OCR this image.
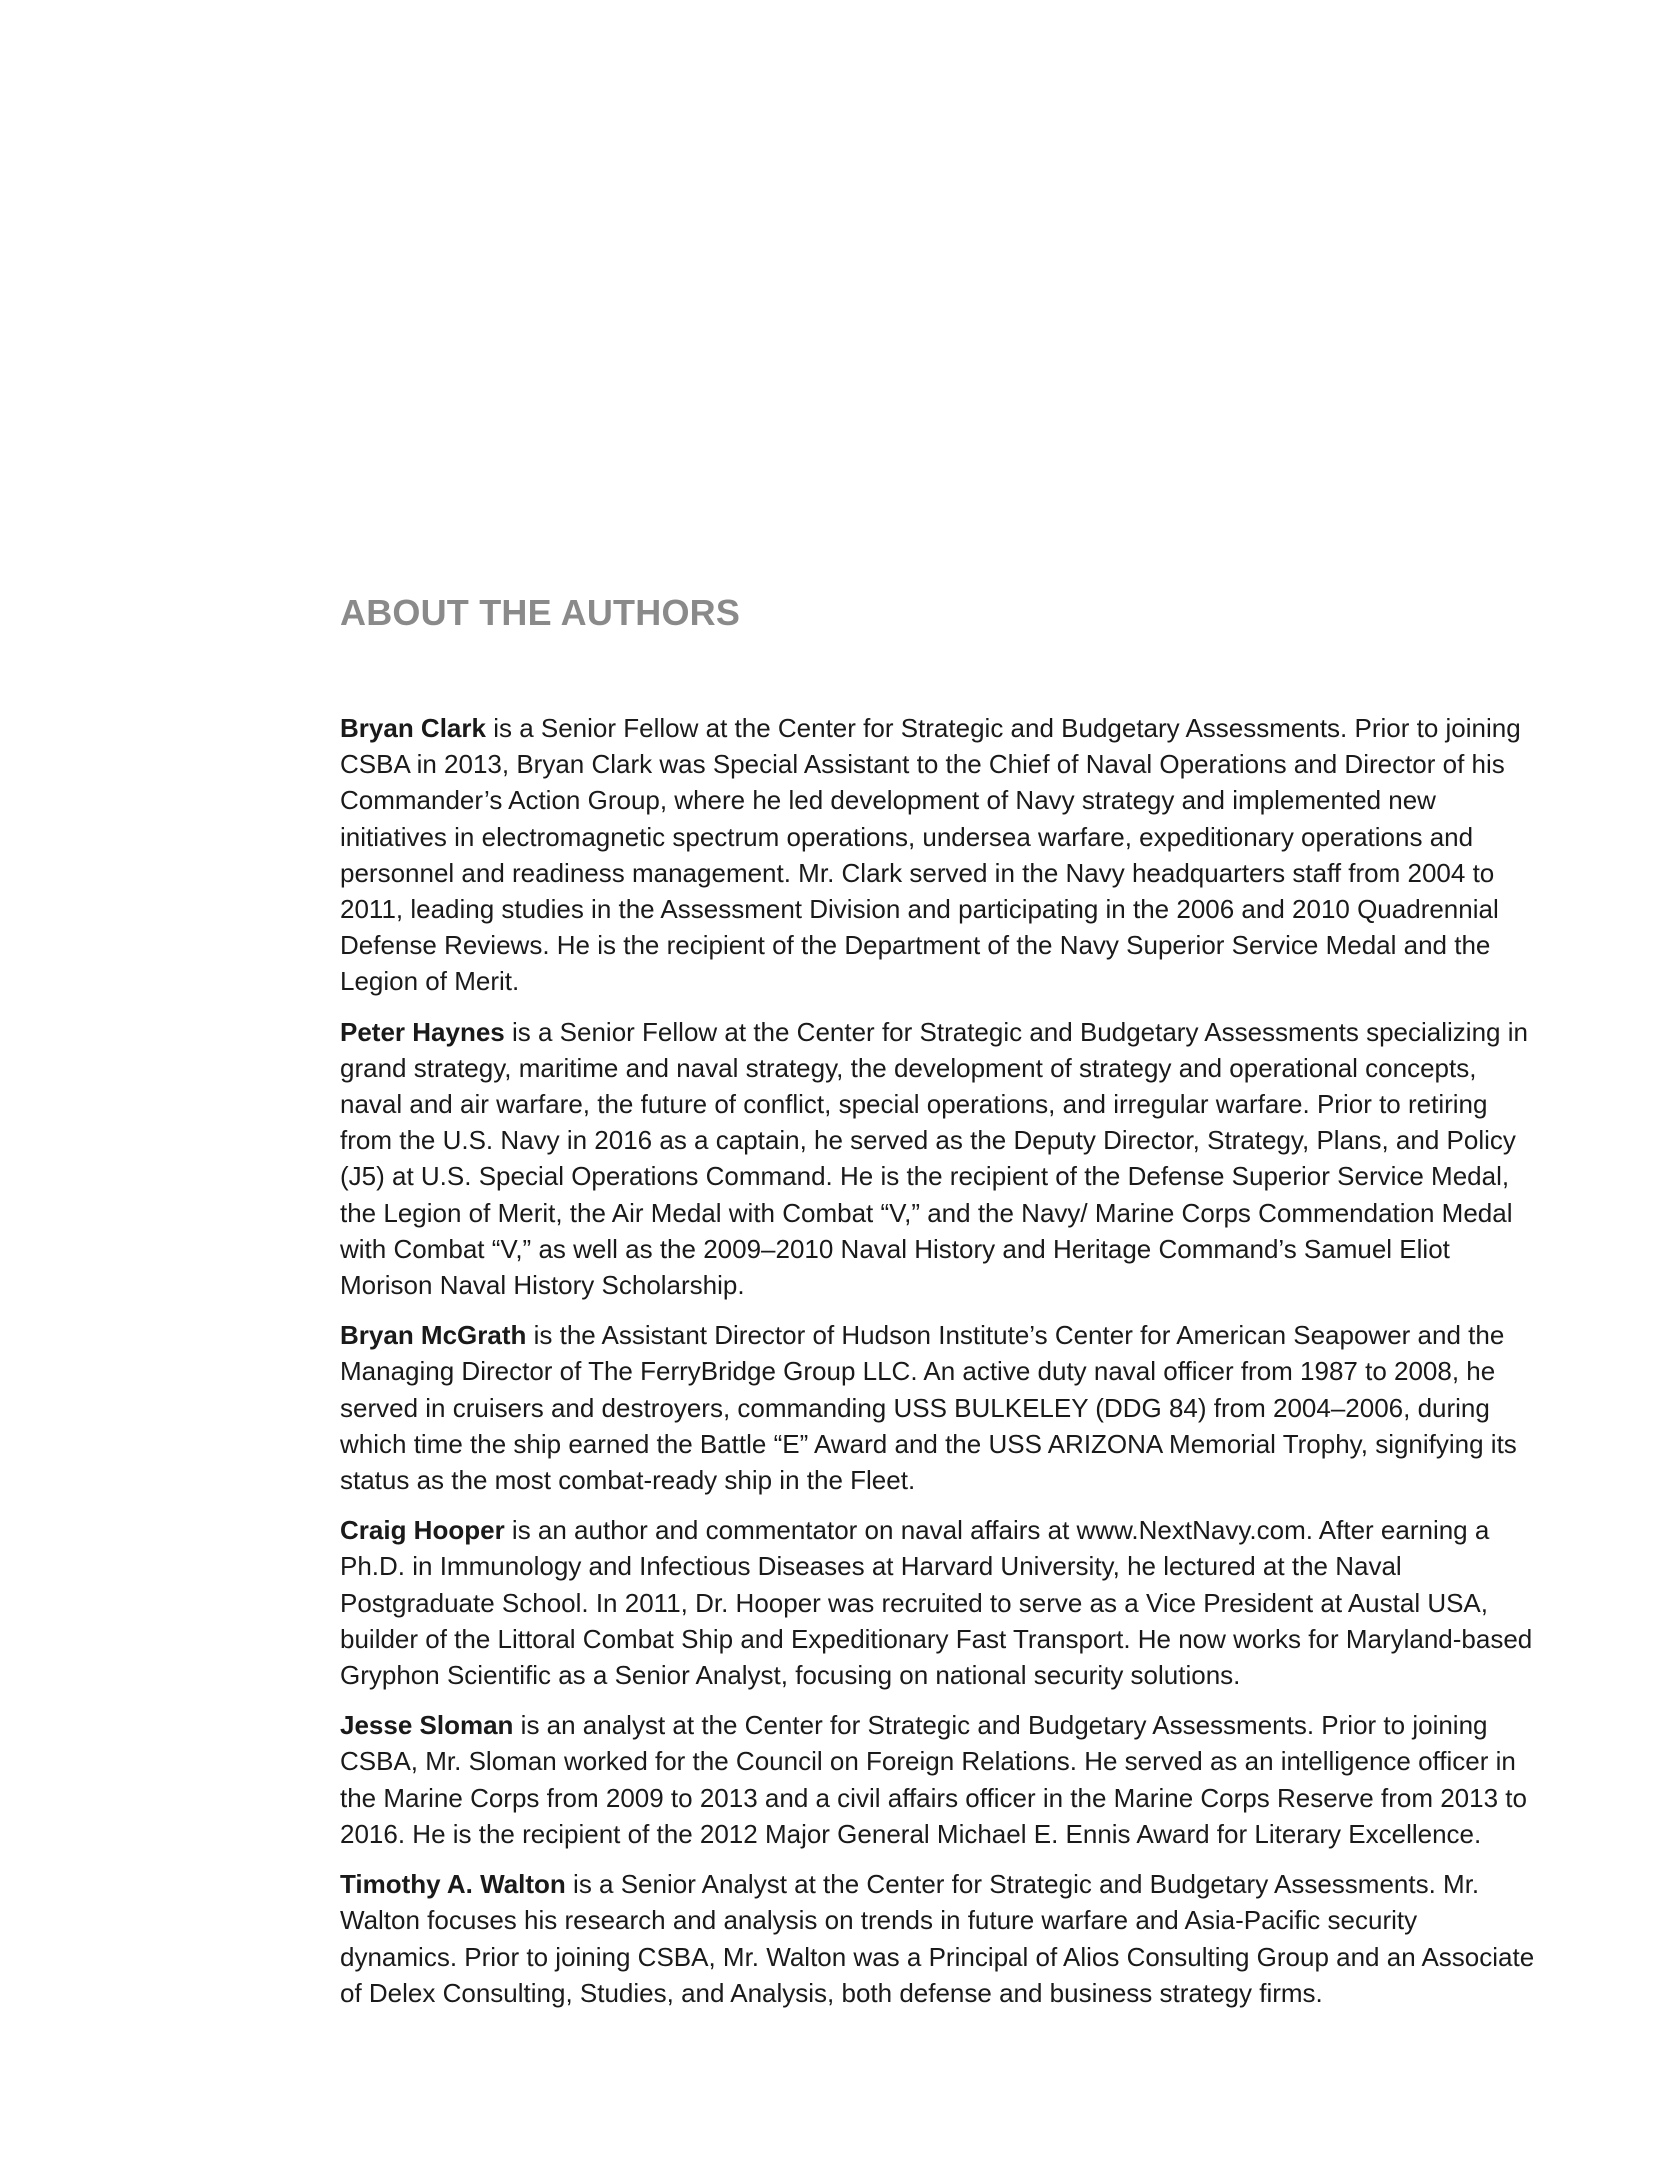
ABOUT THE AUTHORS

Bryan Clark is a Senior Fellow at the Center for Strategic and Budgetary Assessments. Prior to joining CSBA in 2013, Bryan Clark was Special Assistant to the Chief of Naval Operations and Director of his Commander’s Action Group, where he led development of Navy strategy and implemented new initiatives in electromagnetic spectrum operations, undersea warfare, expeditionary operations and personnel and readiness management. Mr. Clark served in the Navy headquarters staff from 2004 to 2011, leading studies in the Assessment Division and participating in the 2006 and 2010 Quadrennial Defense Reviews. He is the recipient of the Department of the Navy Superior Service Medal and the Legion of Merit.

Peter Haynes is a Senior Fellow at the Center for Strategic and Budgetary Assessments specializing in grand strategy, maritime and naval strategy, the development of strategy and operational concepts, naval and air warfare, the future of conflict, special operations, and irregular warfare. Prior to retiring from the U.S. Navy in 2016 as a captain, he served as the Deputy Director, Strategy, Plans, and Policy (J5) at U.S. Special Operations Command. He is the recipient of the Defense Superior Service Medal, the Legion of Merit, the Air Medal with Combat “V,” and the Navy/ Marine Corps Commendation Medal with Combat “V,” as well as the 2009–2010 Naval History and Heritage Command’s Samuel Eliot Morison Naval History Scholarship.

Bryan McGrath is the Assistant Director of Hudson Institute’s Center for American Seapower and the Managing Director of The FerryBridge Group LLC. An active duty naval officer from 1987 to 2008, he served in cruisers and destroyers, commanding USS BULKELEY (DDG 84) from 2004–2006, during which time the ship earned the Battle “E” Award and the USS ARIZONA Memorial Trophy, signifying its status as the most combat-ready ship in the Fleet.

Craig Hooper is an author and commentator on naval affairs at www.NextNavy.com. After earning a Ph.D. in Immunology and Infectious Diseases at Harvard University, he lectured at the Naval Postgraduate School. In 2011, Dr. Hooper was recruited to serve as a Vice President at Austal USA, builder of the Littoral Combat Ship and Expeditionary Fast Transport. He now works for Maryland-based Gryphon Scientific as a Senior Analyst, focusing on national security solutions.

Jesse Sloman is an analyst at the Center for Strategic and Budgetary Assessments. Prior to joining CSBA, Mr. Sloman worked for the Council on Foreign Relations. He served as an intelligence officer in the Marine Corps from 2009 to 2013 and a civil affairs officer in the Marine Corps Reserve from 2013 to 2016. He is the recipient of the 2012 Major General Michael E. Ennis Award for Literary Excellence.

Timothy A. Walton is a Senior Analyst at the Center for Strategic and Budgetary Assessments. Mr. Walton focuses his research and analysis on trends in future warfare and Asia-Pacific security dynamics. Prior to joining CSBA, Mr. Walton was a Principal of Alios Consulting Group and an Associate of Delex Consulting, Studies, and Analysis, both defense and business strategy firms.
